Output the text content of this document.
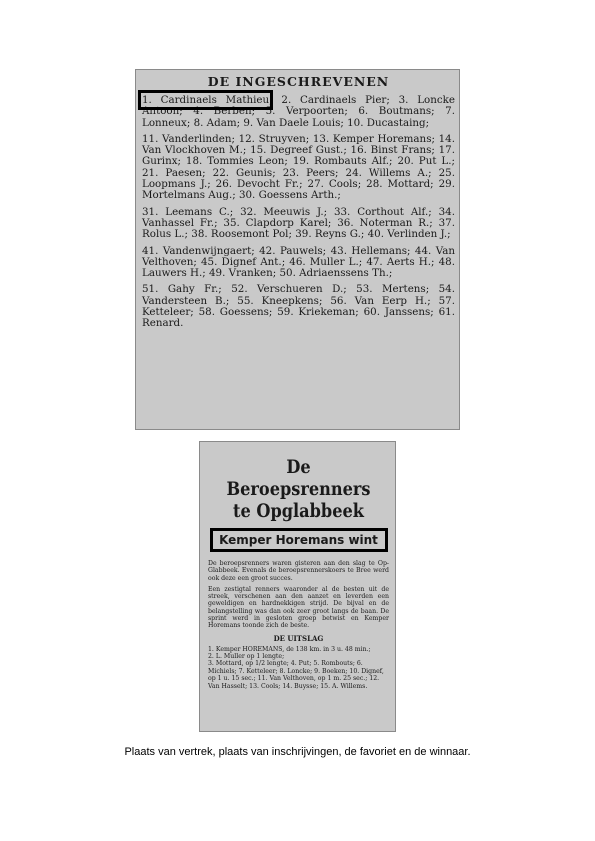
DE INGESCHREVENEN

1. Cardinaels Mathieu; 2. Cardinaels Pier; 3. Loncke Antoon; 4. Berben; 5. Verpoorten; 6. Boutmans; 7. Lonneux; 8. Adam; 9. Van Daele Louis; 10. Ducastaing;

11. Vanderlinden; 12. Struyven; 13. Kemper Horemans; 14. Van Vlockhoven M.; 15. Degreef Gust.; 16. Binst Frans; 17. Gurinx; 18. Tommies Leon; 19. Rombauts Alf.; 20. Put L.; 21. Paesen; 22. Geunis; 23. Peers; 24. Willems A.; 25. Loopmans J.; 26. Devocht Fr.; 27. Cools; 28. Mottard; 29. Mortelmans Aug.; 30. Goessens Arth.;

31. Leemans C.; 32. Meeuwis J.; 33. Corthout Alf.; 34. Vanhassel Fr.; 35. Clapdorp Karel; 36. Noterman R.; 37. Rolus L.; 38. Roosemont Pol; 39. Reyns G.; 40. Verlinden J.;

41. Vandenwijngaert; 42. Pauwels; 43. Hellemans; 44. Van Velthoven; 45. Dignef Ant.; 46. Muller L.; 47. Aerts H.; 48. Lauwers H.; 49. Vranken; 50. Adriaenssens Th.;

51. Gahy Fr.; 52. Verschueren D.; 53. Mertens; 54. Vandersteen B.; 55. Kneepkens; 56. Van Eerp H.; 57. Ketteleer; 58. Goessens; 59. Kriekeman; 60. Janssens; 61. Renard.

De Beroepsrenners
te Opglabbeek
Kemper Horemans wint

De beroepsrenners waren gisteren aan den slag te Op-Glabbeek. Evenals de beroepsrennerskoers te Bree werd ook deze een groot succes.

Een zestigtal renners waaronder al de besten uit de streek, verschenen aan den aanzet en leverden een geweldigen en hardnekkigen strijd. De bijval en de belangstelling was dan ook zeer groot langs de baan. De sprint werd in gesloten groep betwist en Kemper Horemans toonde zich de beste.

DE UITSLAG

1. Kemper HOREMANS, de 138 km. in 3 u. 48 min.;

2. L. Muller op 1 lengte;

3. Mottard, op 1/2 lengte; 4. Put; 5. Rombouts; 6. Michiels; 7. Ketteleer; 8. Loncke; 9. Boeken; 10. Dignef, op 1 u. 15 sec.; 11. Van Velthoven, op 1 m. 25 sec.; 12. Van Hasselt; 13. Cools; 14. Buysse; 15. A. Willems.

Plaats van vertrek, plaats van inschrijvingen, de favoriet en de winnaar.
